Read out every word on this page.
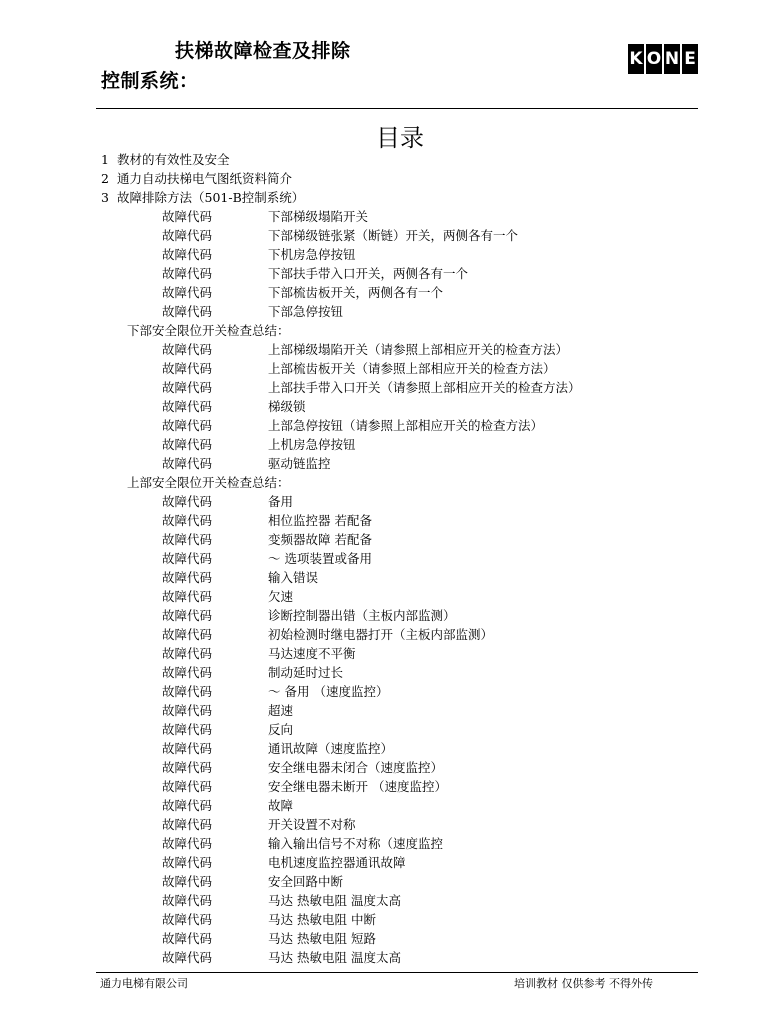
扶梯故障检查及排除
控制系统：
K O N E
目录
1 教材的有效性及安全
2 通力自动扶梯电气图纸资料简介
3 故障排除方法（501-B控制系统）
故障代码	下部梯级塌陷开关
故障代码	下部梯级链张紧（断链）开关，两侧各有一个
故障代码	下机房急停按钮
故障代码	下部扶手带入口开关，两侧各有一个
故障代码	下部梳齿板开关，两侧各有一个
故障代码	下部急停按钮
下部安全限位开关检查总结：
故障代码	上部梯级塌陷开关（请参照上部相应开关的检查方法）
故障代码	上部梳齿板开关（请参照上部相应开关的检查方法）
故障代码	上部扶手带入口开关（请参照上部相应开关的检查方法）
故障代码	梯级锁
故障代码	上部急停按钮（请参照上部相应开关的检查方法）
故障代码	上机房急停按钮
故障代码	驱动链监控
上部安全限位开关检查总结：
故障代码	备用
故障代码	相位监控器 若配备
故障代码	变频器故障 若配备
故障代码	～ 选项装置或备用
故障代码	输入错误
故障代码	欠速
故障代码	诊断控制器出错（主板内部监测）
故障代码	初始检测时继电器打开（主板内部监测）
故障代码	马达速度不平衡
故障代码	制动延时过长
故障代码	～ 备用 （速度监控）
故障代码	超速
故障代码	反向
故障代码	通讯故障（速度监控）
故障代码	安全继电器未闭合（速度监控）
故障代码	安全继电器未断开 （速度监控）
故障代码	故障
故障代码	开关设置不对称
故障代码	输入输出信号不对称（速度监控
故障代码	电机速度监控器通讯故障
故障代码	安全回路中断
故障代码	马达 热敏电阻 温度太高
故障代码	马达 热敏电阻 中断
故障代码	马达 热敏电阻 短路
故障代码	马达 热敏电阻 温度太高
通力电梯有限公司	培训教材 仅供参考 不得外传
